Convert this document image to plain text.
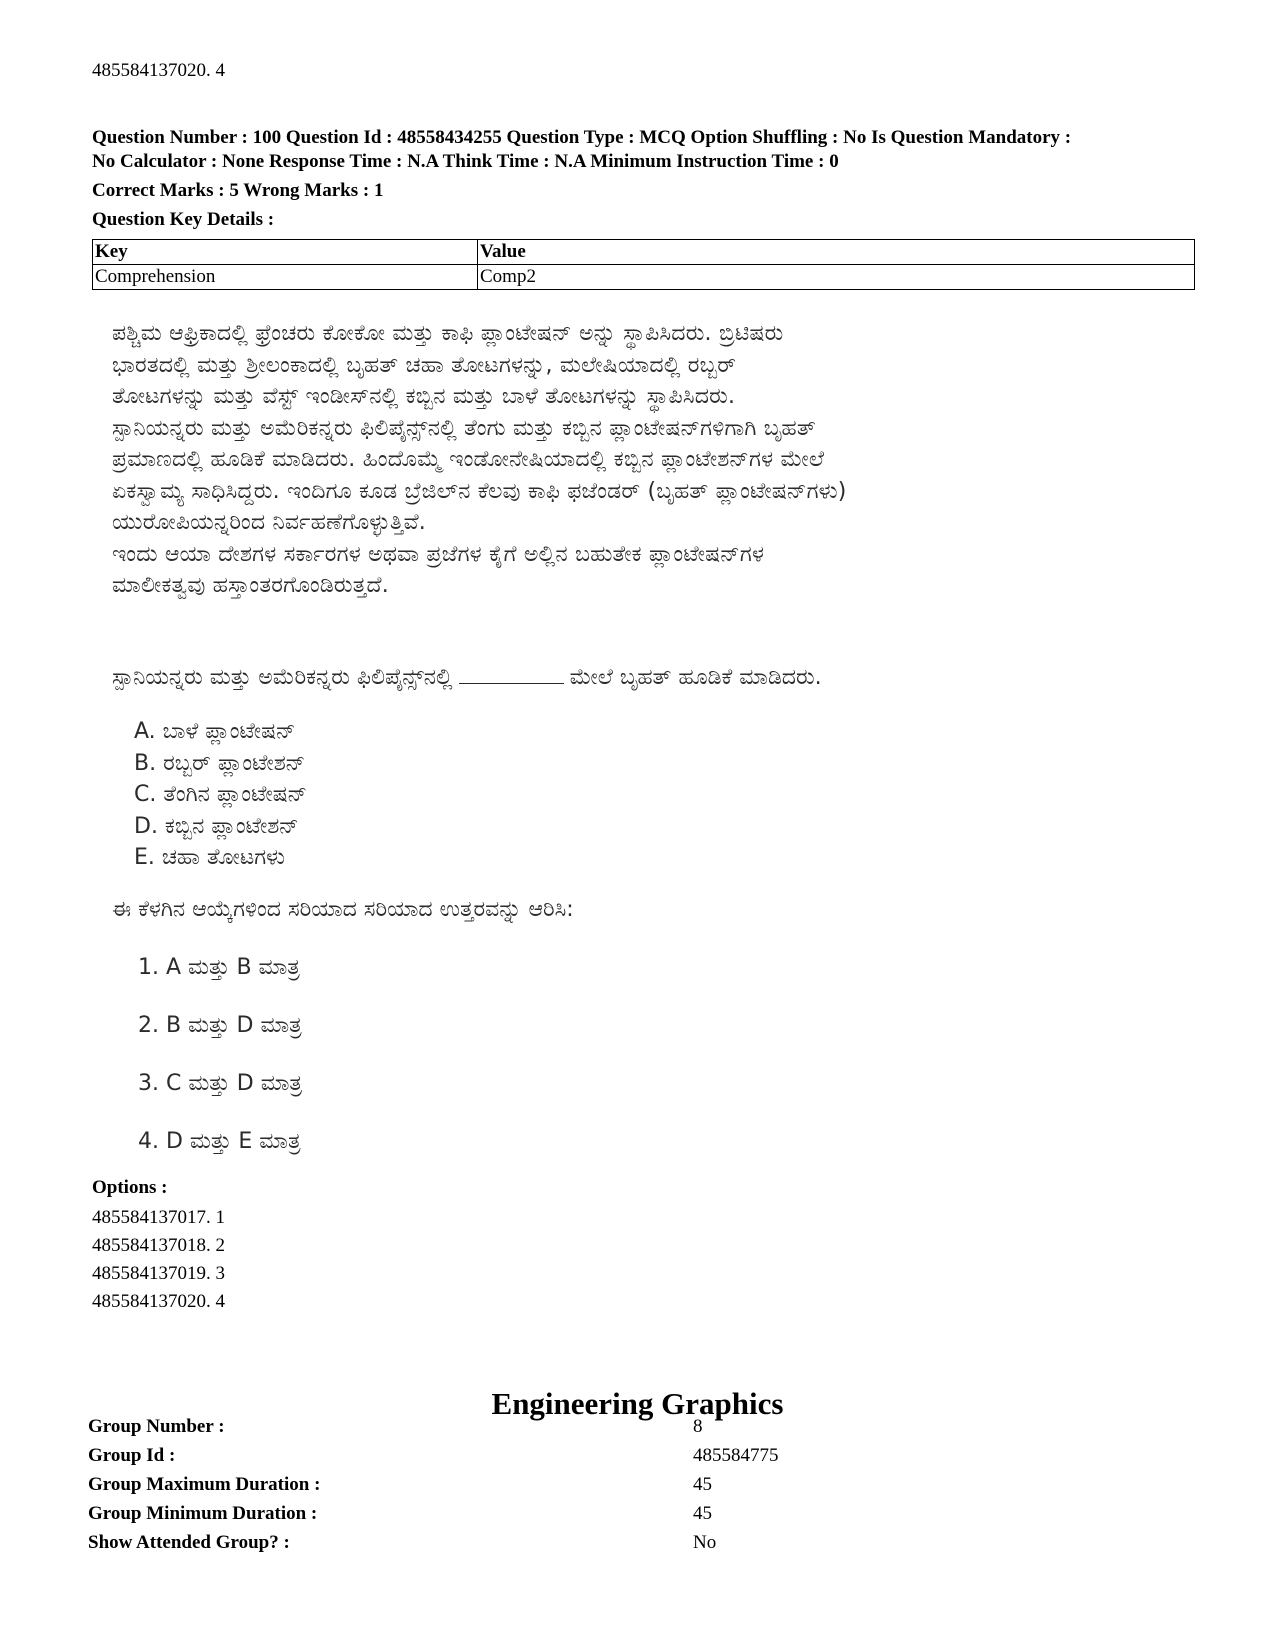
485584137020. 4
Question Number : 100 Question Id : 48558434255 Question Type : MCQ Option Shuffling : No Is Question Mandatory :
No Calculator : None Response Time : N.A Think Time : N.A Minimum Instruction Time : 0
Correct Marks : 5 Wrong Marks : 1
Question Key Details :
Key	Value
Comprehension	Comp2
ಪಶ್ಚಿಮ ಆಫ್ರಿಕಾದಲ್ಲಿ ಫ್ರೆಂಚರು ಕೋಕೋ ಮತ್ತು ಕಾಫಿ ಪ್ಲಾಂಟೇಷನ್ ಅನ್ನು ಸ್ಥಾಪಿಸಿದರು. ಬ್ರಿಟಿಷರು
ಭಾರತದಲ್ಲಿ ಮತ್ತು ಶ್ರೀಲಂಕಾದಲ್ಲಿ ಬೃಹತ್ ಚಹಾ ತೋಟಗಳನ್ನು, ಮಲೇಷಿಯಾದಲ್ಲಿ ರಬ್ಬರ್
ತೋಟಗಳನ್ನು ಮತ್ತು ವೆಸ್ಟ್ ಇಂಡೀಸ್‌ನಲ್ಲಿ ಕಬ್ಬಿನ ಮತ್ತು ಬಾಳೆ ತೋಟಗಳನ್ನು ಸ್ಥಾಪಿಸಿದರು.
ಸ್ಪಾನಿಯನ್ನರು ಮತ್ತು ಅಮೆರಿಕನ್ನರು ಫಿಲಿಪೈನ್ಸ್‌ನಲ್ಲಿ ತೆಂಗು ಮತ್ತು ಕಬ್ಬಿನ ಪ್ಲಾಂಟೇಷನ್‌ಗಳಿಗಾಗಿ ಬೃಹತ್
ಪ್ರಮಾಣದಲ್ಲಿ ಹೂಡಿಕೆ ಮಾಡಿದರು. ಹಿಂದೊಮ್ಮೆ ಇಂಡೋನೇಷಿಯಾದಲ್ಲಿ ಕಬ್ಬಿನ ಪ್ಲಾಂಟೇಶನ್‌ಗಳ ಮೇಲೆ
ಏಕಸ್ವಾಮ್ಯ ಸಾಧಿಸಿದ್ದರು. ಇಂದಿಗೂ ಕೂಡ ಬ್ರೆಜಿಲ್‌ನ ಕೆಲವು ಕಾಫಿ ಫಜೆಂಡರ್ (ಬೃಹತ್ ಪ್ಲಾಂಟೇಷನ್‌ಗಳು)
ಯುರೋಪಿಯನ್ನರಿಂದ ನಿರ್ವಹಣೆಗೊಳ್ಳುತ್ತಿವೆ.
ಇಂದು ಆಯಾ ದೇಶಗಳ ಸರ್ಕಾರಗಳ ಅಥವಾ ಪ್ರಜೆಗಳ ಕೈಗೆ ಅಲ್ಲಿನ ಬಹುತೇಕ ಪ್ಲಾಂಟೇಷನ್‌ಗಳ
ಮಾಲೀಕತ್ವವು ಹಸ್ತಾಂತರಗೊಂಡಿರುತ್ತದೆ.
ಸ್ಪಾನಿಯನ್ನರು ಮತ್ತು ಅಮೆರಿಕನ್ನರು ಫಿಲಿಪೈನ್ಸ್‌ನಲ್ಲಿ	ಮೇಲೆ ಬೃಹತ್ ಹೂಡಿಕೆ ಮಾಡಿದರು.
A. ಬಾಳೆ ಪ್ಲಾಂಟೇಷನ್
B. ರಬ್ಬರ್ ಪ್ಲಾಂಟೇಶನ್
C. ತೆಂಗಿನ ಪ್ಲಾಂಟೇಷನ್
D. ಕಬ್ಬಿನ ಪ್ಲಾಂಟೇಶನ್
E. ಚಹಾ ತೋಟಗಳು
ಈ ಕೆಳಗಿನ ಆಯ್ಕೆಗಳಿಂದ ಸರಿಯಾದ ಸರಿಯಾದ ಉತ್ತರವನ್ನು ಆರಿಸಿ:
1. A ಮತ್ತು B ಮಾತ್ರ
2. B ಮತ್ತು D ಮಾತ್ರ
3. C ಮತ್ತು D ಮಾತ್ರ
4. D ಮತ್ತು E ಮಾತ್ರ
Options :
485584137017. 1
485584137018. 2
485584137019. 3
485584137020. 4
Engineering Graphics
Group Number :	8
Group Id :	485584775
Group Maximum Duration :	45
Group Minimum Duration :	45
Show Attended Group? :	No
